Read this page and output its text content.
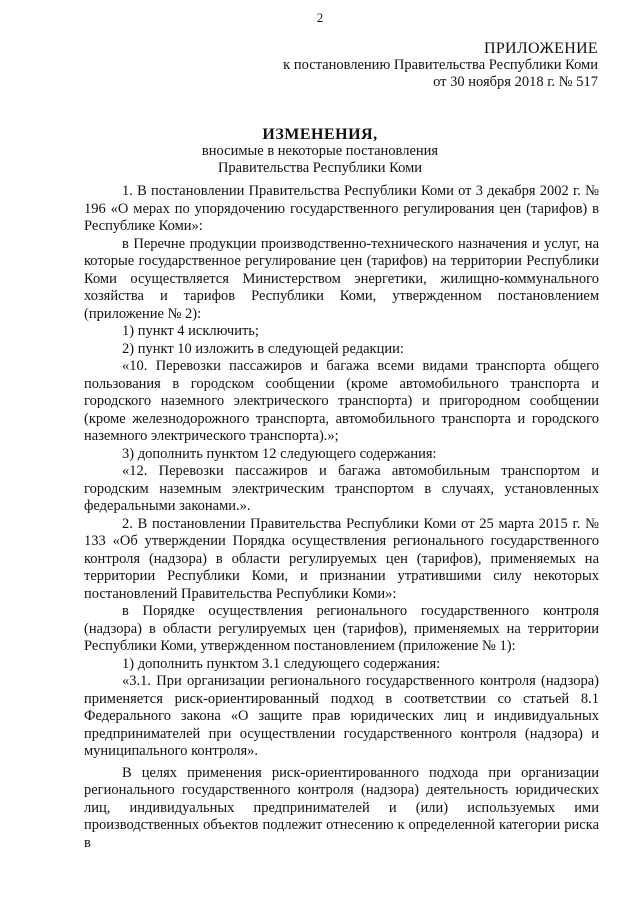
2
ПРИЛОЖЕНИЕ
к постановлению Правительства Республики Коми
от 30 ноября 2018 г. № 517
ИЗМЕНЕНИЯ,
вносимые в некоторые постановления
Правительства Республики Коми

1. В постановлении Правительства Республики Коми от 3 декабря 2002 г. № 196 «О мерах по упорядочению государственного регулирования цен (тарифов) в Республике Коми»:

в Перечне продукции производственно-технического назначения и услуг, на которые государственное регулирование цен (тарифов) на территории Республики Коми осуществляется Министерством энергетики, жилищно-коммунального хозяйства и тарифов Республики Коми, утвержденном постановлением (приложение № 2):

1) пункт 4 исключить;

2) пункт 10 изложить в следующей редакции:

«10. Перевозки пассажиров и багажа всеми видами транспорта общего пользования в городском сообщении (кроме автомобильного транспорта и городского наземного электрического транспорта) и пригородном сообщении (кроме железнодорожного транспорта, автомобильного транспорта и городского наземного электрического транспорта).»;

3) дополнить пунктом 12 следующего содержания:

«12. Перевозки пассажиров и багажа автомобильным транспортом и городским наземным электрическим транспортом в случаях, установленных федеральными законами.».

2. В постановлении Правительства Республики Коми от 25 марта 2015 г. № 133 «Об утверждении Порядка осуществления регионального государственного контроля (надзора) в области регулируемых цен (тарифов), применяемых на территории Республики Коми, и признании утратившими силу некоторых постановлений Правительства Республики Коми»:

в Порядке осуществления регионального государственного контроля (надзора) в области регулируемых цен (тарифов), применяемых на территории Республики Коми, утвержденном постановлением (приложение № 1):

1) дополнить пунктом 3.1 следующего содержания:

«3.1. При организации регионального государственного контроля (надзора) применяется риск-ориентированный подход в соответствии со статьей 8.1 Федерального закона «О защите прав юридических лиц и индивидуальных предпринимателей при осуществлении государственного контроля (надзора) и муниципального контроля».

В целях применения риск-ориентированного подхода при организации регионального государственного контроля (надзора) деятельность юридических лиц, индивидуальных предпринимателей и (или) используемых ими производственных объектов подлежит отнесению к определенной категории риска в
